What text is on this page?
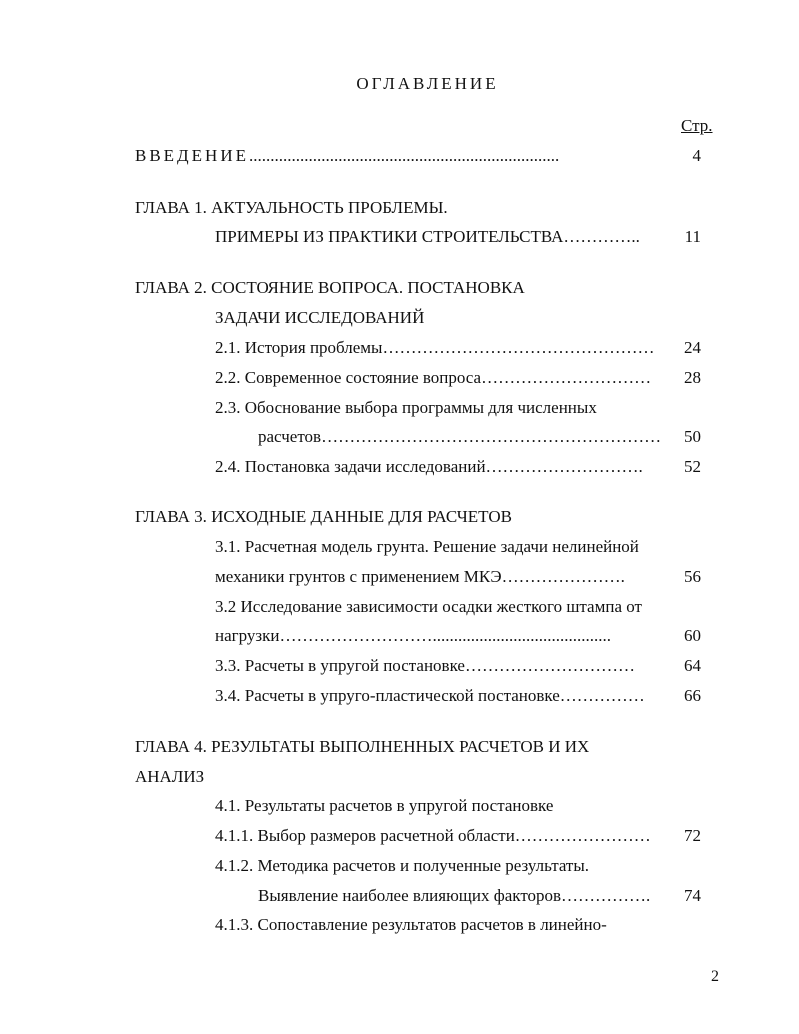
ОГЛАВЛЕНИЕ
Стр.
ВВЕДЕНИЕ.........................................................................	4
ГЛАВА 1. АКТУАЛЬНОСТЬ ПРОБЛЕМЫ.
ПРИМЕРЫ ИЗ ПРАКТИКИ СТРОИТЕЛЬСТВА…………..	11
ГЛАВА 2. СОСТОЯНИЕ ВОПРОСА. ПОСТАНОВКА
ЗАДАЧИ ИССЛЕДОВАНИЙ
2.1. История проблемы…………………………………………	24
2.2. Современное состояние вопроса…………………………	28
2.3. Обоснование выбора программы для численных
расчетов……………………………………………………	50
2.4. Постановка задачи исследований……………………….	52
ГЛАВА 3. ИСХОДНЫЕ ДАННЫЕ ДЛЯ РАСЧЕТОВ
3.1. Расчетная модель грунта. Решение задачи нелинейной
механики грунтов с применением МКЭ………………….	56
3.2 Исследование зависимости осадки жесткого штампа от
нагрузки………………………..........................................	60
3.3. Расчеты в упругой постановке…………………………	64
3.4. Расчеты в упруго-пластической постановке……………	66
ГЛАВА 4. РЕЗУЛЬТАТЫ ВЫПОЛНЕННЫХ РАСЧЕТОВ И ИХ
АНАЛИЗ
4.1. Результаты расчетов в упругой постановке
4.1.1. Выбор размеров расчетной области……………………	72
4.1.2. Методика расчетов и полученные результаты.
Выявление наиболее влияющих факторов…………….	74
4.1.3. Сопоставление результатов расчетов в линейно-
2
